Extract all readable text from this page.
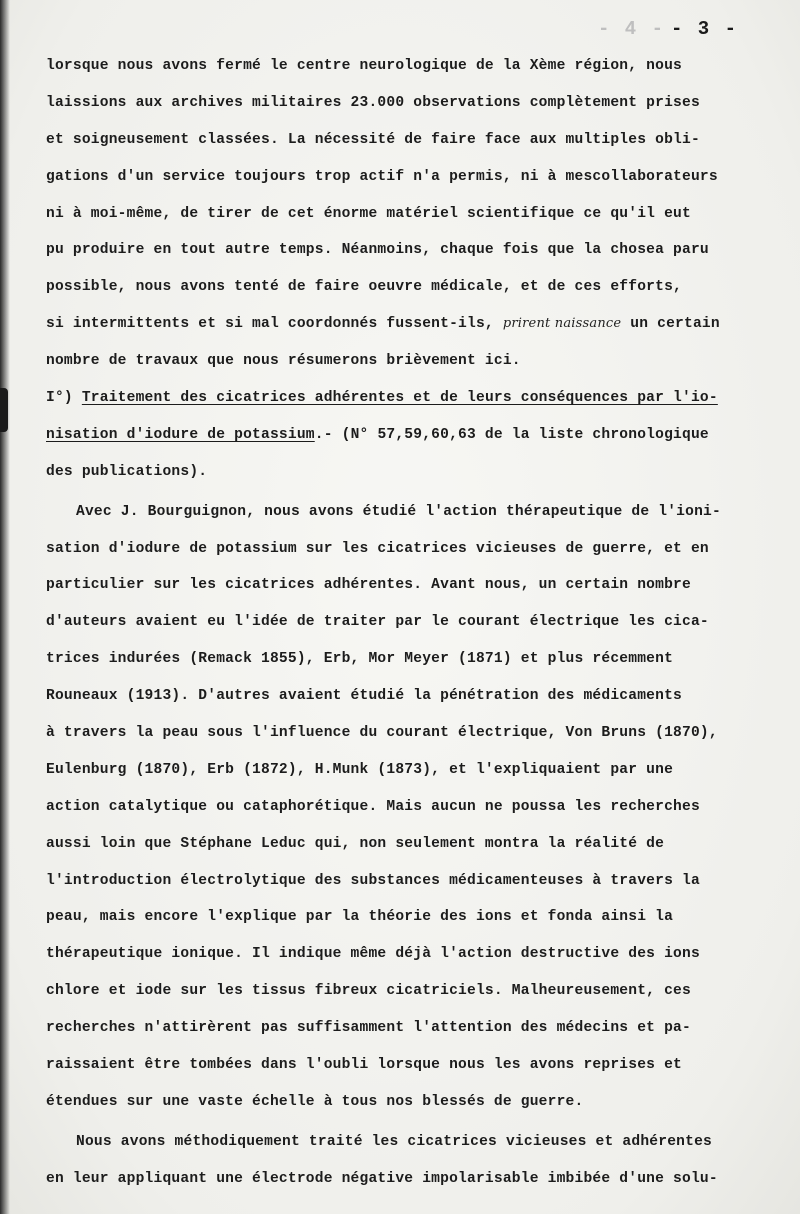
- 4 - - 3 -
lorsque nous avons fermé le centre neurologique de la Xème région, nous
laissions aux archives militaires 23.000 observations complètement prises
et soigneusement classées. La nécessité de faire face aux multiples obli-
gations d'un service toujours trop actif n'a permis, ni à mescollaborateurs
ni à moi-même, de tirer de cet énorme matériel scientifique ce qu'il eut
pu produire en tout autre temps. Néanmoins, chaque fois que la chosea paru
possible, nous avons tenté de faire oeuvre médicale, et de ces efforts,
si intermittents et si mal coordonnés fussent-ils, prirent naissance un certain
nombre de travaux que nous résumerons brièvement ici.
I°) Traitement des cicatrices adhérentes et de leurs conséquences par l'io-
nisation d'iodure de potassium.- (N° 57,59,60,63 de la liste chronologique
des publications).
Avec J. Bourguignon, nous avons étudié l'action thérapeutique de l'ioni-
sation d'iodure de potassium sur les cicatrices vicieuses de guerre, et en
particulier sur les cicatrices adhérentes. Avant nous, un certain nombre
d'auteurs avaient eu l'idée de traiter par le courant électrique les cica-
trices indurées (Remack 1855), Erb, Mor Meyer (1871) et plus récemment
Rouneaux (1913). D'autres avaient étudié la pénétration des médicaments
à travers la peau sous l'influence du courant électrique, Von Bruns (1870),
Eulenburg (1870), Erb (1872), H.Munk (1873), et l'expliquaient par une
action catalytique ou cataphorétique. Mais aucun ne poussa les recherches
aussi loin que Stéphane Leduc qui, non seulement montra la réalité de
l'introduction électrolytique des substances médicamenteuses à travers la
peau, mais encore l'explique par la théorie des ions et fonda ainsi la
thérapeutique ionique. Il indique même déjà l'action destructive des ions
chlore et iode sur les tissus fibreux cicatriciels. Malheureusement, ces
recherches n'attirèrent pas suffisamment l'attention des médecins et pa-
raissaient être tombées dans l'oubli lorsque nous les avons reprises et
étendues sur une vaste échelle à tous nos blessés de guerre.
Nous avons méthodiquement traité les cicatrices vicieuses et adhérentes
en leur appliquant une électrode négative impolarisable imbibée d'une solu-
